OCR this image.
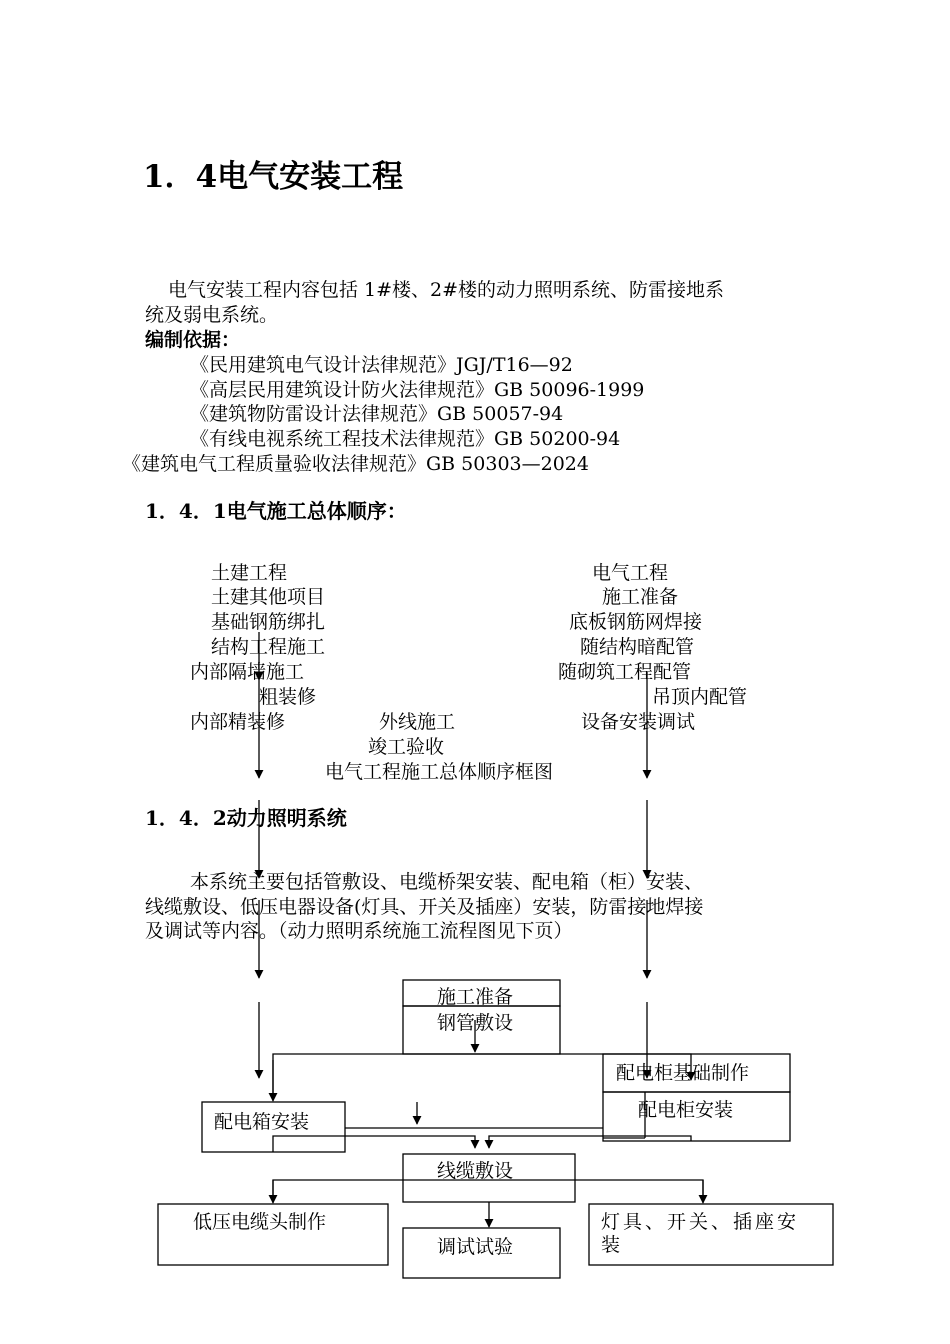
1．4电气安装工程
电气安装工程内容包括 1#楼、2#楼的动力照明系统、防雷接地系
统及弱电系统。
编制依据：
《民用建筑电气设计法律规范》JGJ/T16—92
《高层民用建筑设计防火法律规范》GB 50096-1999
《建筑物防雷设计法律规范》GB 50057-94
《有线电视系统工程技术法律规范》GB 50200-94
《建筑电气工程质量验收法律规范》GB 50303—2024
1．4．1电气施工总体顺序：
土建工程
土建其他项目
基础钢筋绑扎
结构工程施工
内部隔墙施工
粗装修
内部精装修
电气工程
施工准备
底板钢筋网焊接
随结构暗配管
随砌筑工程配管
吊顶内配管
设备安装调试
外线施工
竣工验收
电气工程施工总体顺序框图
1．4．2动力照明系统
本系统主要包括管敷设、电缆桥架安装、配电箱（柜）安装、
线缆敷设、低压电器设备(灯具、开关及插座）安装，防雷接地焊接
及调试等内容。（动力照明系统施工流程图见下页）
施工准备
钢管敷设
配电柜基础制作
配电柜安装
配电箱安装
线缆敷设
低压电缆头制作
调试试验
灯具、开关、插座安
装
